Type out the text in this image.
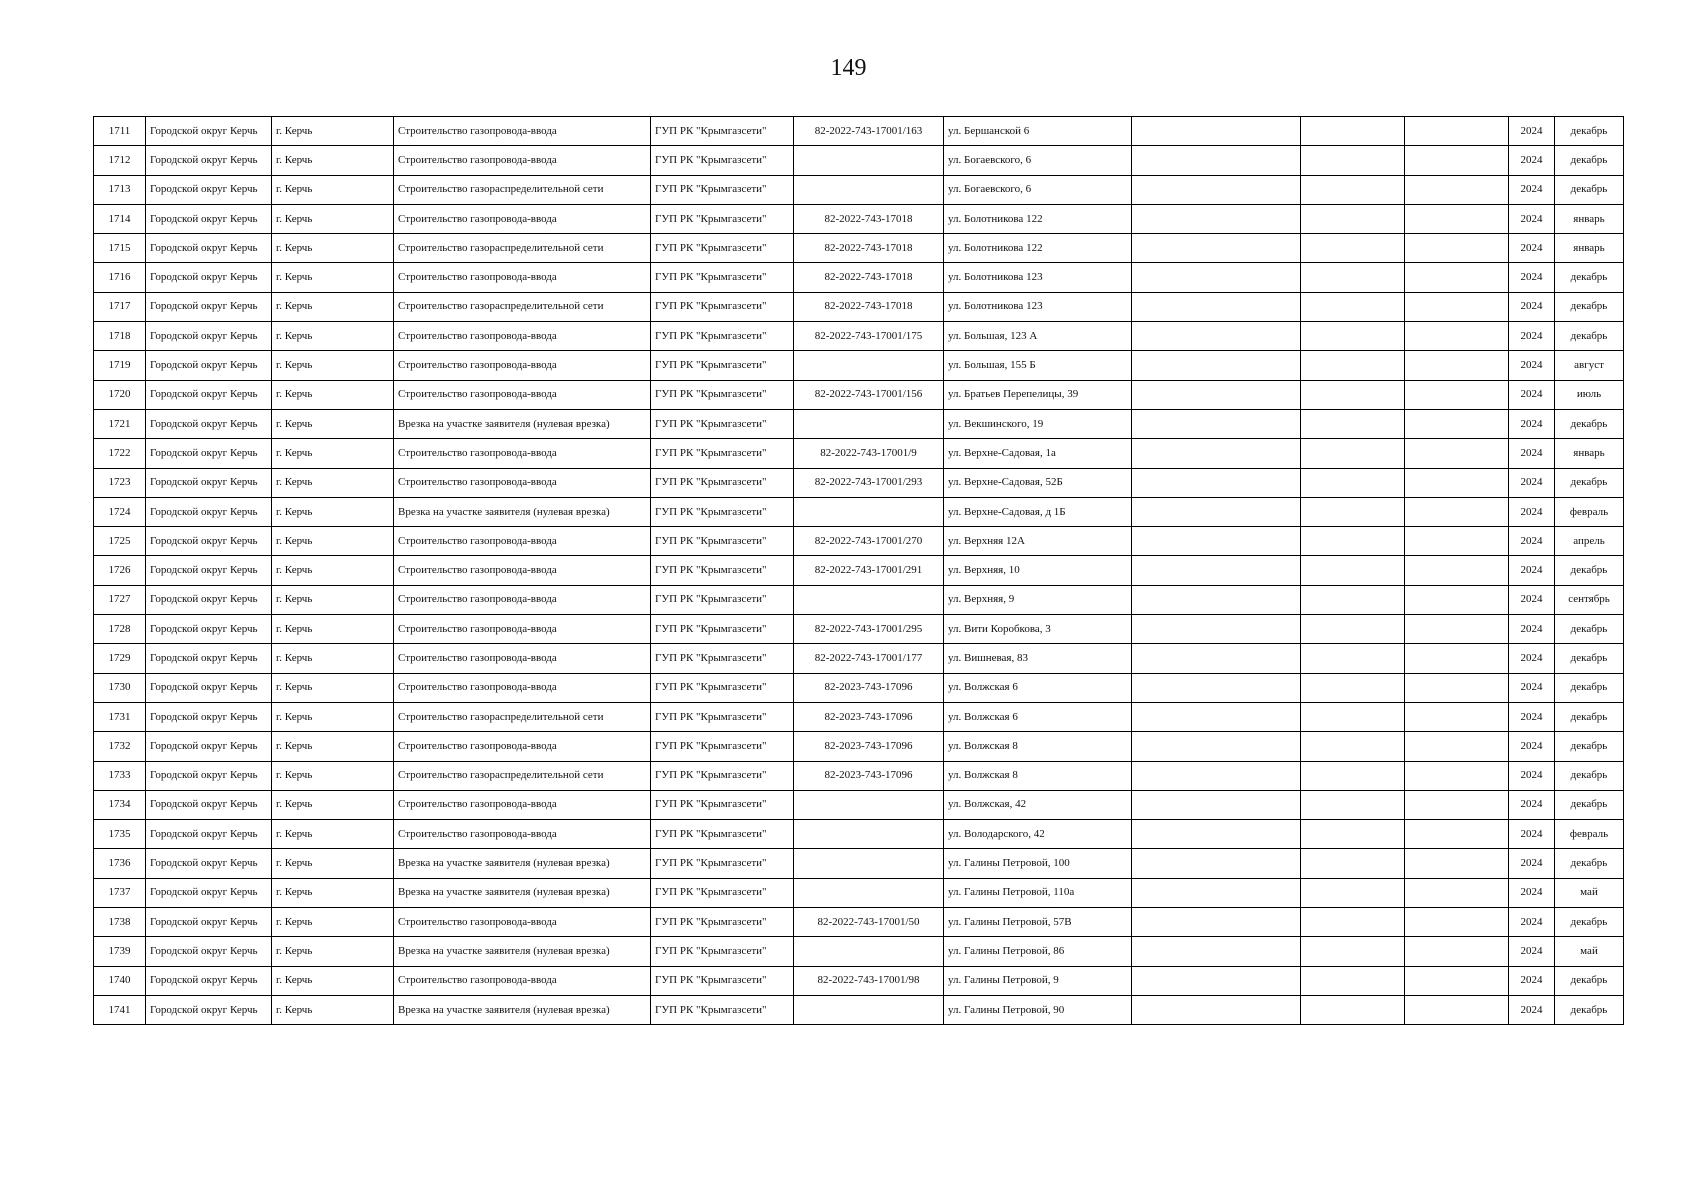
149
1711	Городской округ Керчь	г. Керчь	Строительство газопровода-ввода	ГУП РК "Крымгазсети"	82-2022-743-17001/163	ул. Бершанской 6				2024	декабрь
1712	Городской округ Керчь	г. Керчь	Строительство газопровода-ввода	ГУП РК "Крымгазсети"		ул. Богаевского, 6				2024	декабрь
1713	Городской округ Керчь	г. Керчь	Строительство газораспределительной сети	ГУП РК "Крымгазсети"		ул. Богаевского, 6				2024	декабрь
1714	Городской округ Керчь	г. Керчь	Строительство газопровода-ввода	ГУП РК "Крымгазсети"	82-2022-743-17018	ул. Болотникова 122				2024	январь
1715	Городской округ Керчь	г. Керчь	Строительство газораспределительной сети	ГУП РК "Крымгазсети"	82-2022-743-17018	ул. Болотникова 122				2024	январь
1716	Городской округ Керчь	г. Керчь	Строительство газопровода-ввода	ГУП РК "Крымгазсети"	82-2022-743-17018	ул. Болотникова 123				2024	декабрь
1717	Городской округ Керчь	г. Керчь	Строительство газораспределительной сети	ГУП РК "Крымгазсети"	82-2022-743-17018	ул. Болотникова 123				2024	декабрь
1718	Городской округ Керчь	г. Керчь	Строительство газопровода-ввода	ГУП РК "Крымгазсети"	82-2022-743-17001/175	ул. Большая, 123 А				2024	декабрь
1719	Городской округ Керчь	г. Керчь	Строительство газопровода-ввода	ГУП РК "Крымгазсети"		ул. Большая, 155 Б				2024	август
1720	Городской округ Керчь	г. Керчь	Строительство газопровода-ввода	ГУП РК "Крымгазсети"	82-2022-743-17001/156	ул. Братьев Перепелицы, 39				2024	июль
1721	Городской округ Керчь	г. Керчь	Врезка на участке заявителя (нулевая врезка)	ГУП РК "Крымгазсети"		ул. Векшинского, 19				2024	декабрь
1722	Городской округ Керчь	г. Керчь	Строительство газопровода-ввода	ГУП РК "Крымгазсети"	82-2022-743-17001/9	ул. Верхне-Садовая, 1а				2024	январь
1723	Городской округ Керчь	г. Керчь	Строительство газопровода-ввода	ГУП РК "Крымгазсети"	82-2022-743-17001/293	ул. Верхне-Садовая, 52Б				2024	декабрь
1724	Городской округ Керчь	г. Керчь	Врезка на участке заявителя (нулевая врезка)	ГУП РК "Крымгазсети"		ул. Верхне-Садовая, д 1Б				2024	февраль
1725	Городской округ Керчь	г. Керчь	Строительство газопровода-ввода	ГУП РК "Крымгазсети"	82-2022-743-17001/270	ул. Верхняя 12А				2024	апрель
1726	Городской округ Керчь	г. Керчь	Строительство газопровода-ввода	ГУП РК "Крымгазсети"	82-2022-743-17001/291	ул. Верхняя, 10				2024	декабрь
1727	Городской округ Керчь	г. Керчь	Строительство газопровода-ввода	ГУП РК "Крымгазсети"		ул. Верхняя, 9				2024	сентябрь
1728	Городской округ Керчь	г. Керчь	Строительство газопровода-ввода	ГУП РК "Крымгазсети"	82-2022-743-17001/295	ул. Вити Коробкова, 3				2024	декабрь
1729	Городской округ Керчь	г. Керчь	Строительство газопровода-ввода	ГУП РК "Крымгазсети"	82-2022-743-17001/177	ул. Вишневая, 83				2024	декабрь
1730	Городской округ Керчь	г. Керчь	Строительство газопровода-ввода	ГУП РК "Крымгазсети"	82-2023-743-17096	ул. Волжская 6				2024	декабрь
1731	Городской округ Керчь	г. Керчь	Строительство газораспределительной сети	ГУП РК "Крымгазсети"	82-2023-743-17096	ул. Волжская 6				2024	декабрь
1732	Городской округ Керчь	г. Керчь	Строительство газопровода-ввода	ГУП РК "Крымгазсети"	82-2023-743-17096	ул. Волжская 8				2024	декабрь
1733	Городской округ Керчь	г. Керчь	Строительство газораспределительной сети	ГУП РК "Крымгазсети"	82-2023-743-17096	ул. Волжская 8				2024	декабрь
1734	Городской округ Керчь	г. Керчь	Строительство газопровода-ввода	ГУП РК "Крымгазсети"		ул. Волжская, 42				2024	декабрь
1735	Городской округ Керчь	г. Керчь	Строительство газопровода-ввода	ГУП РК "Крымгазсети"		ул. Володарского, 42				2024	февраль
1736	Городской округ Керчь	г. Керчь	Врезка на участке заявителя (нулевая врезка)	ГУП РК "Крымгазсети"		ул. Галины Петровой, 100				2024	декабрь
1737	Городской округ Керчь	г. Керчь	Врезка на участке заявителя (нулевая врезка)	ГУП РК "Крымгазсети"		ул. Галины Петровой, 110а				2024	май
1738	Городской округ Керчь	г. Керчь	Строительство газопровода-ввода	ГУП РК "Крымгазсети"	82-2022-743-17001/50	ул. Галины Петровой, 57В				2024	декабрь
1739	Городской округ Керчь	г. Керчь	Врезка на участке заявителя (нулевая врезка)	ГУП РК "Крымгазсети"		ул. Галины Петровой, 86				2024	май
1740	Городской округ Керчь	г. Керчь	Строительство газопровода-ввода	ГУП РК "Крымгазсети"	82-2022-743-17001/98	ул. Галины Петровой, 9				2024	декабрь
1741	Городской округ Керчь	г. Керчь	Врезка на участке заявителя (нулевая врезка)	ГУП РК "Крымгазсети"		ул. Галины Петровой, 90				2024	декабрь
